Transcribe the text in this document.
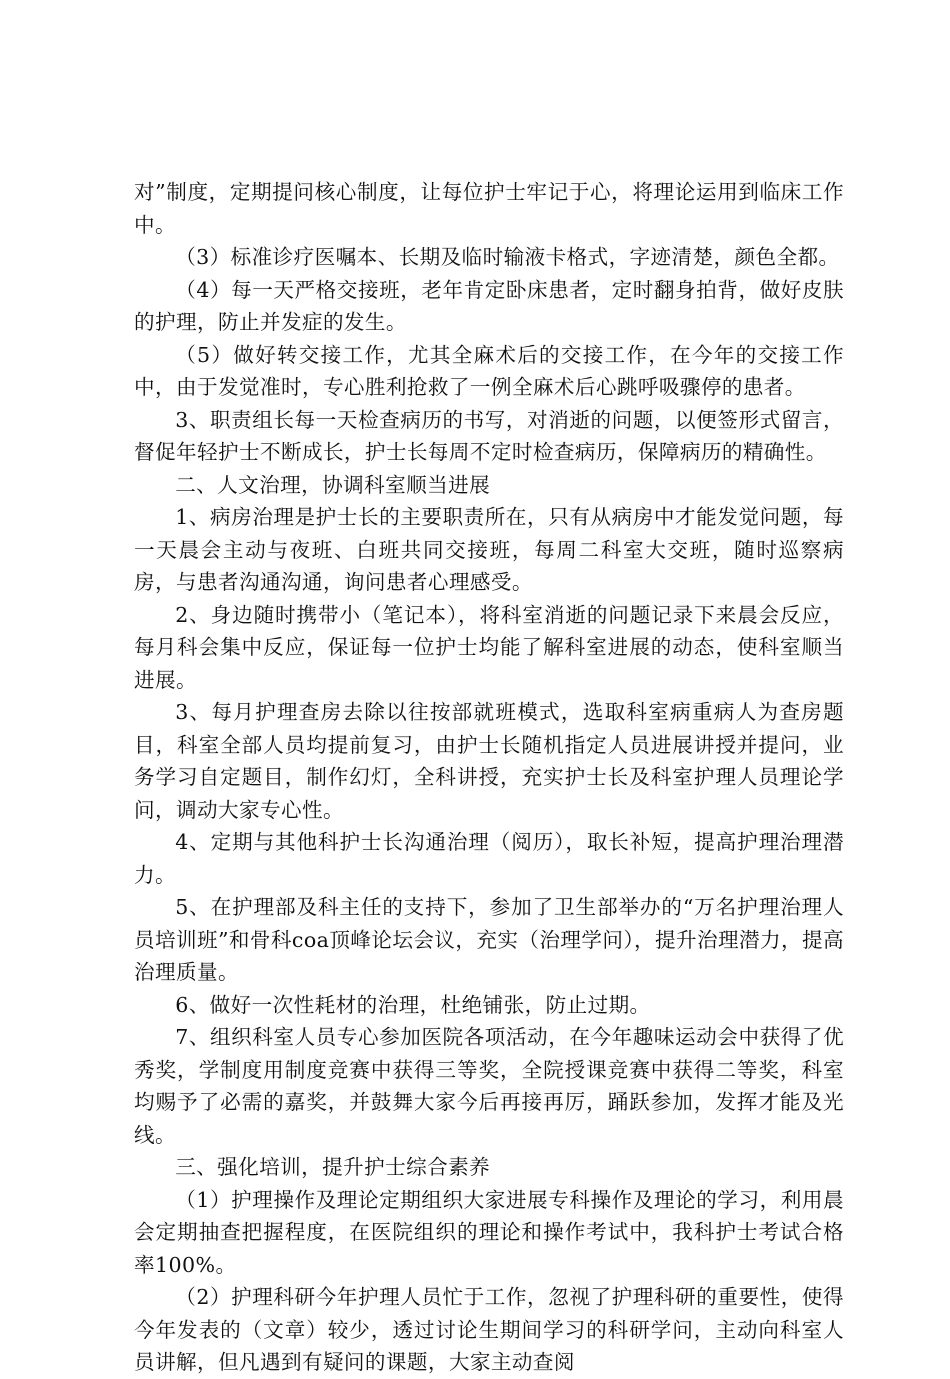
对”制度，定期提问核心制度，让每位护士牢记于心，将理论运用到临床工作中。

（3）标准诊疗医嘱本、长期及临时输液卡格式，字迹清楚，颜色全都。

（4）每一天严格交接班，老年肯定卧床患者，定时翻身拍背，做好皮肤的护理，防止并发症的发生。

（5）做好转交接工作，尤其全麻术后的交接工作，在今年的交接工作中，由于发觉准时，专心胜利抢救了一例全麻术后心跳呼吸骤停的患者。

3、职责组长每一天检查病历的书写，对消逝的问题，以便签形式留言，督促年轻护士不断成长，护士长每周不定时检查病历，保障病历的精确性。

二、人文治理，协调科室顺当进展

1、病房治理是护士长的主要职责所在，只有从病房中才能发觉问题，每一天晨会主动与夜班、白班共同交接班，每周二科室大交班，随时巡察病房，与患者沟通沟通，询问患者心理感受。

2、身边随时携带小（笔记本），将科室消逝的问题记录下来晨会反应，每月科会集中反应，保证每一位护士均能了解科室进展的动态，使科室顺当进展。

3、每月护理查房去除以往按部就班模式，选取科室病重病人为查房题目，科室全部人员均提前复习，由护士长随机指定人员进展讲授并提问，业务学习自定题目，制作幻灯，全科讲授，充实护士长及科室护理人员理论学问，调动大家专心性。

4、定期与其他科护士长沟通治理（阅历），取长补短，提高护理治理潜力。

5、在护理部及科主任的支持下，参加了卫生部举办的“万名护理治理人员培训班”和骨科coa顶峰论坛会议，充实（治理学问），提升治理潜力，提高治理质量。

6、做好一次性耗材的治理，杜绝铺张，防止过期。

7、组织科室人员专心参加医院各项活动，在今年趣味运动会中获得了优秀奖，学制度用制度竞赛中获得三等奖，全院授课竞赛中获得二等奖，科室均赐予了必需的嘉奖，并鼓舞大家今后再接再厉，踊跃参加，发挥才能及光线。

三、强化培训，提升护士综合素养

（1）护理操作及理论定期组织大家进展专科操作及理论的学习，利用晨会定期抽查把握程度，在医院组织的理论和操作考试中，我科护士考试合格率100%。

（2）护理科研今年护理人员忙于工作，忽视了护理科研的重要性，使得今年发表的（文章）较少，透过讨论生期间学习的科研学问，主动向科室人员讲解，但凡遇到有疑问的课题，大家主动查阅
